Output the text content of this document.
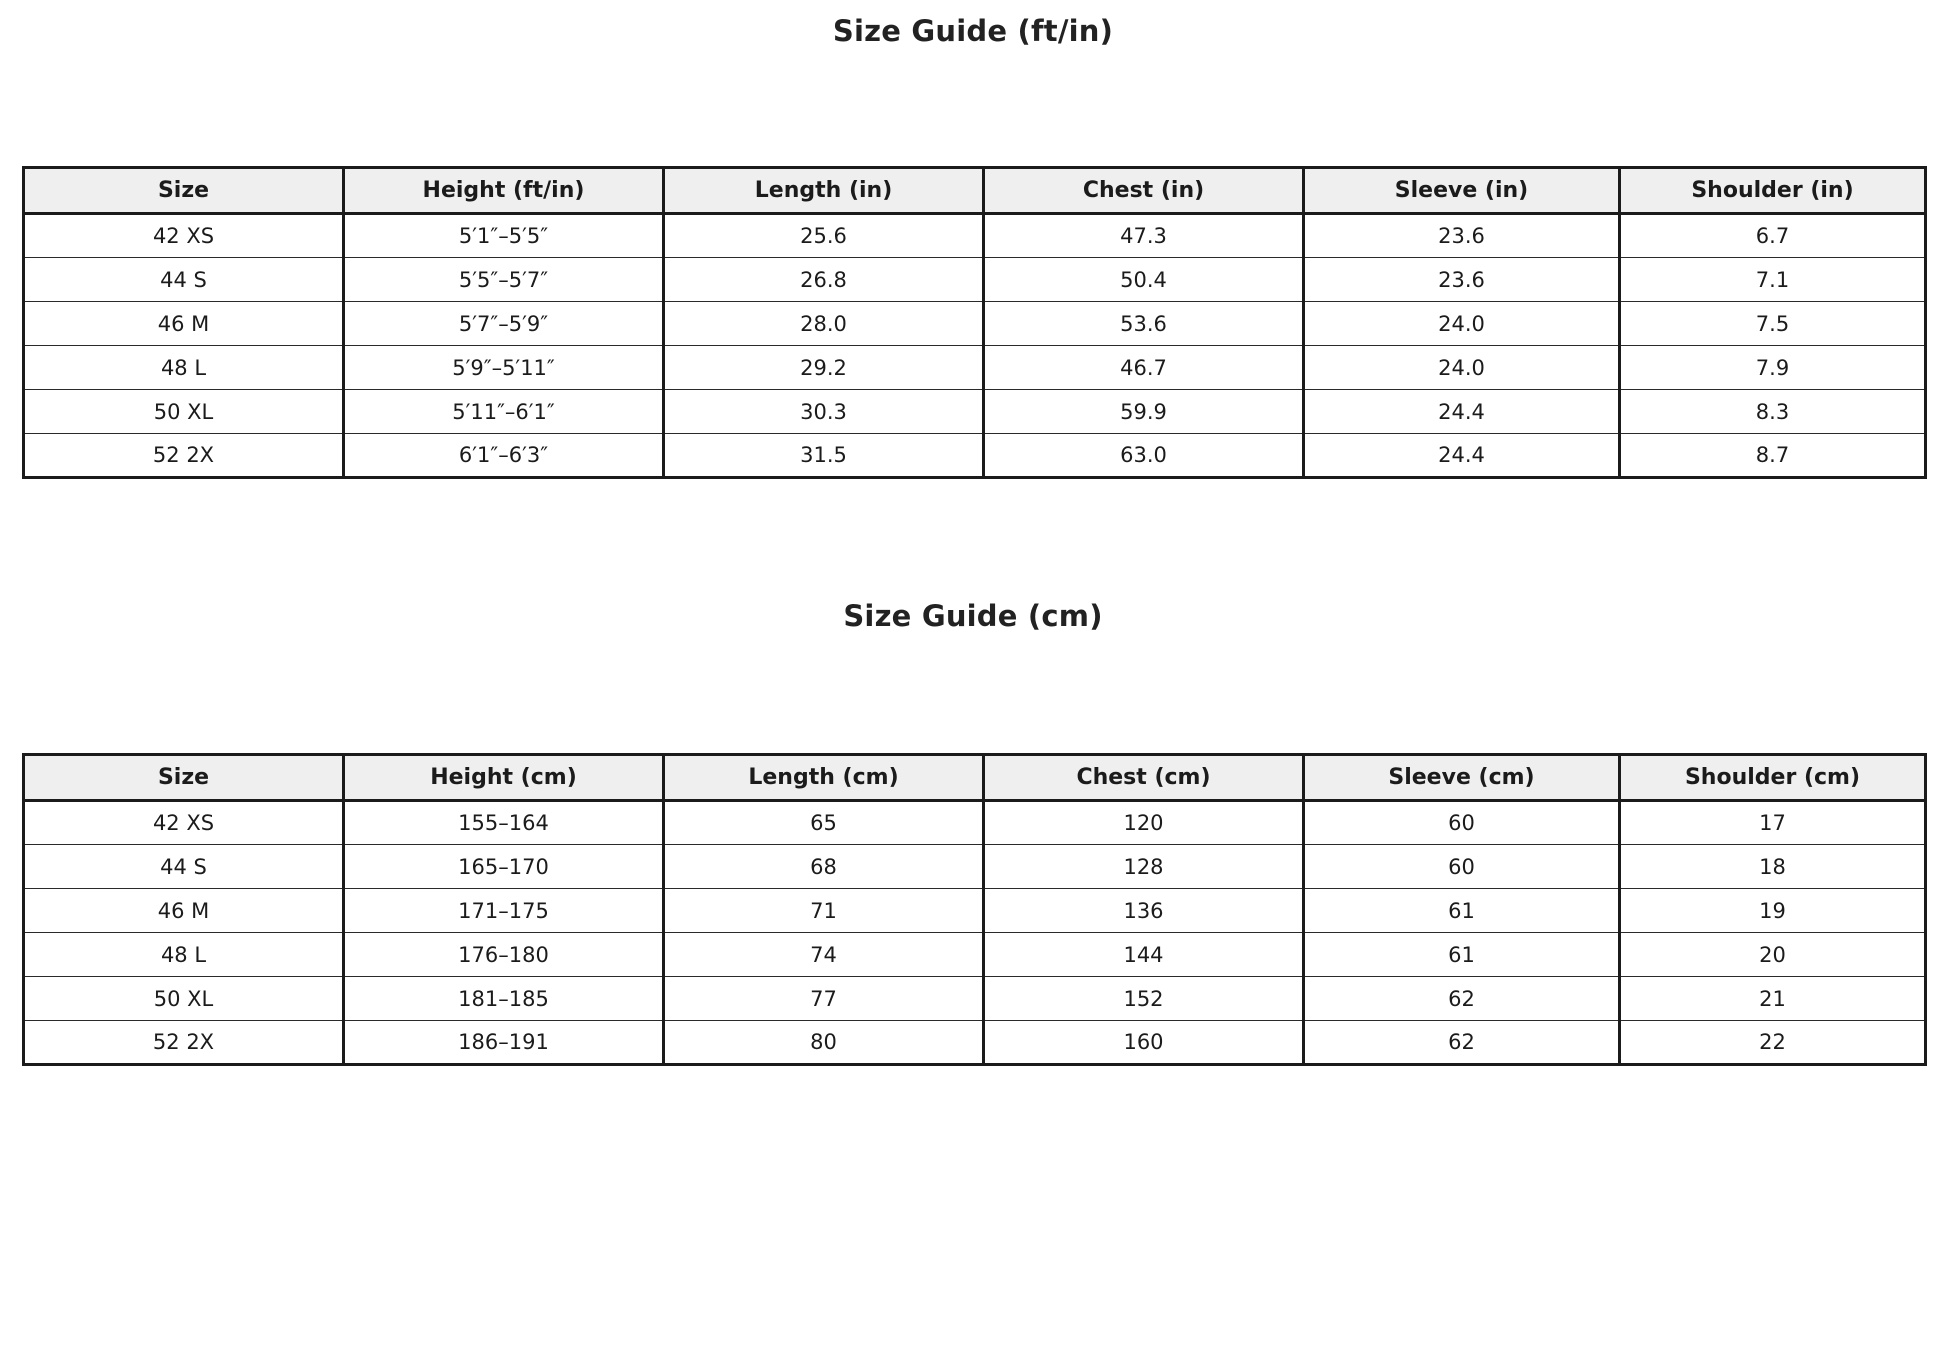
Size Guide (ft/in)
Size	Height (ft/in)	Length (in)	Chest (in)	Sleeve (in)	Shoulder (in)
42 XS	5′1″–5′5″	25.6	47.3	23.6	6.7
44 S	5′5″–5′7″	26.8	50.4	23.6	7.1
46 M	5′7″–5′9″	28.0	53.6	24.0	7.5
48 L	5′9″–5′11″	29.2	46.7	24.0	7.9
50 XL	5′11″–6′1″	30.3	59.9	24.4	8.3
52 2X	6′1″–6′3″	31.5	63.0	24.4	8.7
Size Guide (cm)
Size	Height (cm)	Length (cm)	Chest (cm)	Sleeve (cm)	Shoulder (cm)
42 XS	155–164	65	120	60	17
44 S	165–170	68	128	60	18
46 M	171–175	71	136	61	19
48 L	176–180	74	144	61	20
50 XL	181–185	77	152	62	21
52 2X	186–191	80	160	62	22
